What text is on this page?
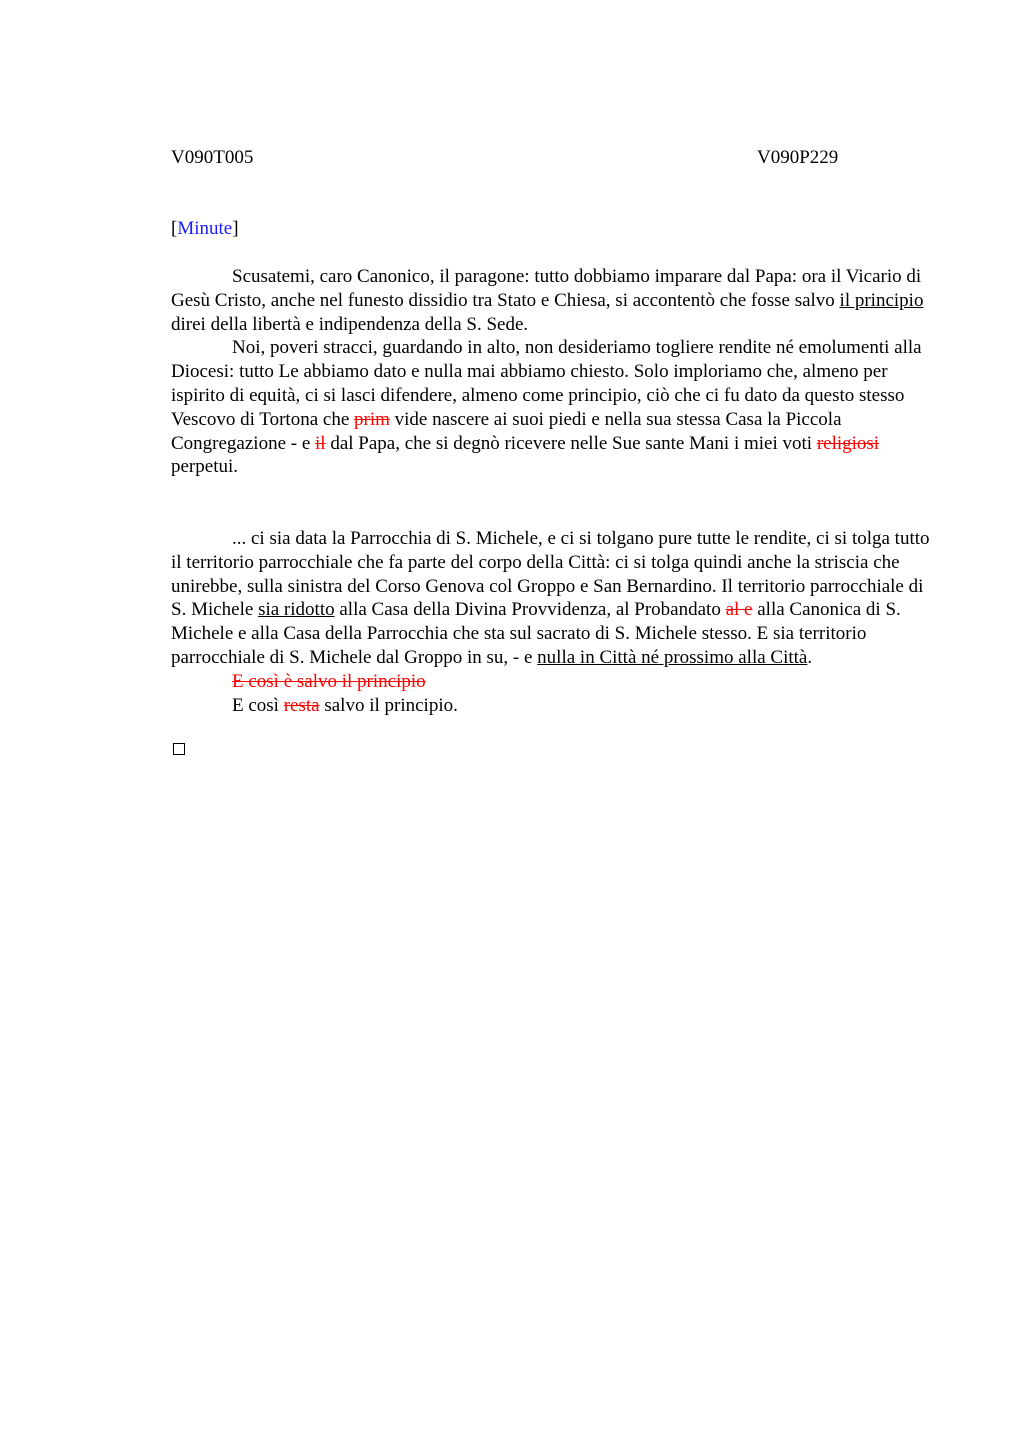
V090T005	V090P229
[Minute]

Scusatemi, caro Canonico, il paragone: tutto dobbiamo imparare dal Papa: ora il Vicario di Gesù Cristo, anche nel funesto dissidio tra Stato e Chiesa, si accontentò che fosse salvo il principio direi della libertà e indipendenza della S. Sede.

Noi, poveri stracci, guardando in alto, non desideriamo togliere rendite né emolumenti alla Diocesi: tutto Le abbiamo dato e nulla mai abbiamo chiesto. Solo imploriamo che, almeno per ispirito di equità, ci si lasci difendere, almeno come principio, ciò che ci fu dato da questo stesso Vescovo di Tortona che prim vide nascere ai suoi piedi e nella sua stessa Casa la Piccola Congregazione - e il dal Papa, che si degnò ricevere nelle Sue sante Mani i miei voti religiosi perpetui.

... ci sia data la Parrocchia di S. Michele, e ci si tolgano pure tutte le rendite, ci si tolga tutto il territorio parrocchiale che fa parte del corpo della Città: ci si tolga quindi anche la striscia che unirebbe, sulla sinistra del Corso Genova col Groppo e San Bernardino. Il territorio parrocchiale di S. Michele sia ridotto alla Casa della Divina Provvidenza, al Probandato al e alla Canonica di S. Michele e alla Casa della Parrocchia che sta sul sacrato di S. Michele stesso. E sia territorio parrocchiale di S. Michele dal Groppo in su, - e nulla in Città né prossimo alla Città.

E così è salvo il principio

E così resta salvo il principio.
